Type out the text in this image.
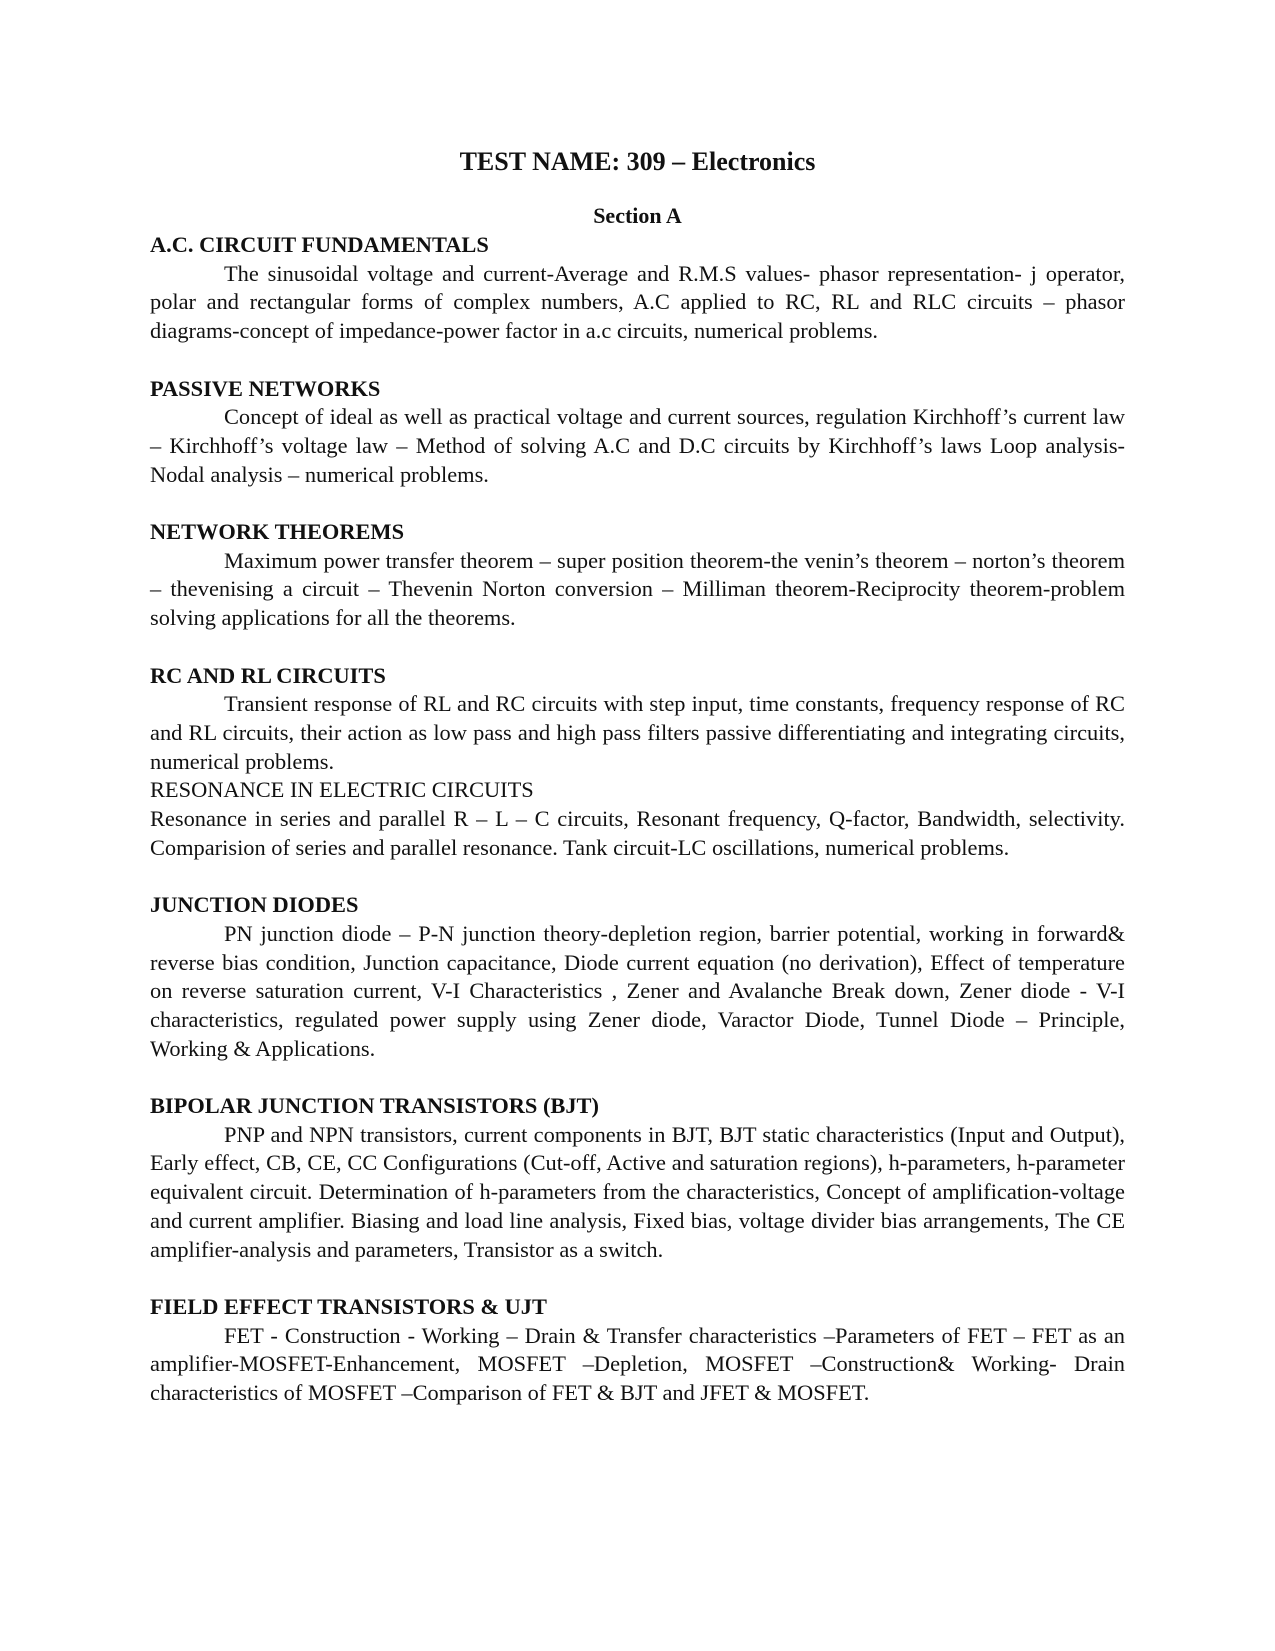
TEST NAME: 309 – Electronics
Section A
A.C. CIRCUIT FUNDAMENTALS

The sinusoidal voltage and current-Average and R.M.S values- phasor representation- j operator, polar and rectangular forms of complex numbers, A.C applied to RC, RL and RLC circuits – phasor diagrams-concept of impedance-power factor in a.c circuits, numerical problems.

PASSIVE NETWORKS

Concept of ideal as well as practical voltage and current sources, regulation Kirchhoff’s current law – Kirchhoff’s voltage law – Method of solving A.C and D.C circuits by Kirchhoff’s laws Loop analysis- Nodal analysis – numerical problems.

NETWORK THEOREMS

Maximum power transfer theorem – super position theorem-the venin’s theorem – norton’s theorem – thevenising a circuit – Thevenin Norton conversion – Milliman theorem-Reciprocity theorem-problem solving applications for all the theorems.

RC AND RL CIRCUITS

Transient response of RL and RC circuits with step input, time constants, frequency response of RC and RL circuits, their action as low pass and high pass filters passive differentiating and integrating circuits, numerical problems.

RESONANCE IN ELECTRIC CIRCUITS

Resonance in series and parallel R – L – C circuits, Resonant frequency, Q-factor, Bandwidth, selectivity. Comparision of series and parallel resonance. Tank circuit-LC oscillations, numerical problems.

JUNCTION DIODES

PN junction diode – P-N junction theory-depletion region, barrier potential, working in forward& reverse bias condition, Junction capacitance, Diode current equation (no derivation), Effect of temperature on reverse saturation current, V-I Characteristics , Zener and Avalanche Break down, Zener diode - V-I characteristics, regulated power supply using Zener diode, Varactor Diode, Tunnel Diode – Principle, Working & Applications.

BIPOLAR JUNCTION TRANSISTORS (BJT)

PNP and NPN transistors, current components in BJT, BJT static characteristics (Input and Output), Early effect, CB, CE, CC Configurations (Cut-off, Active and saturation regions), h-parameters, h-parameter equivalent circuit. Determination of h-parameters from the characteristics, Concept of amplification-voltage and current amplifier. Biasing and load line analysis, Fixed bias, voltage divider bias arrangements, The CE amplifier-analysis and parameters, Transistor as a switch.

FIELD EFFECT TRANSISTORS & UJT

FET - Construction - Working – Drain & Transfer characteristics –Parameters of FET – FET as an amplifier-MOSFET-Enhancement, MOSFET –Depletion, MOSFET –Construction& Working- Drain characteristics of MOSFET –Comparison of FET & BJT and JFET & MOSFET.
